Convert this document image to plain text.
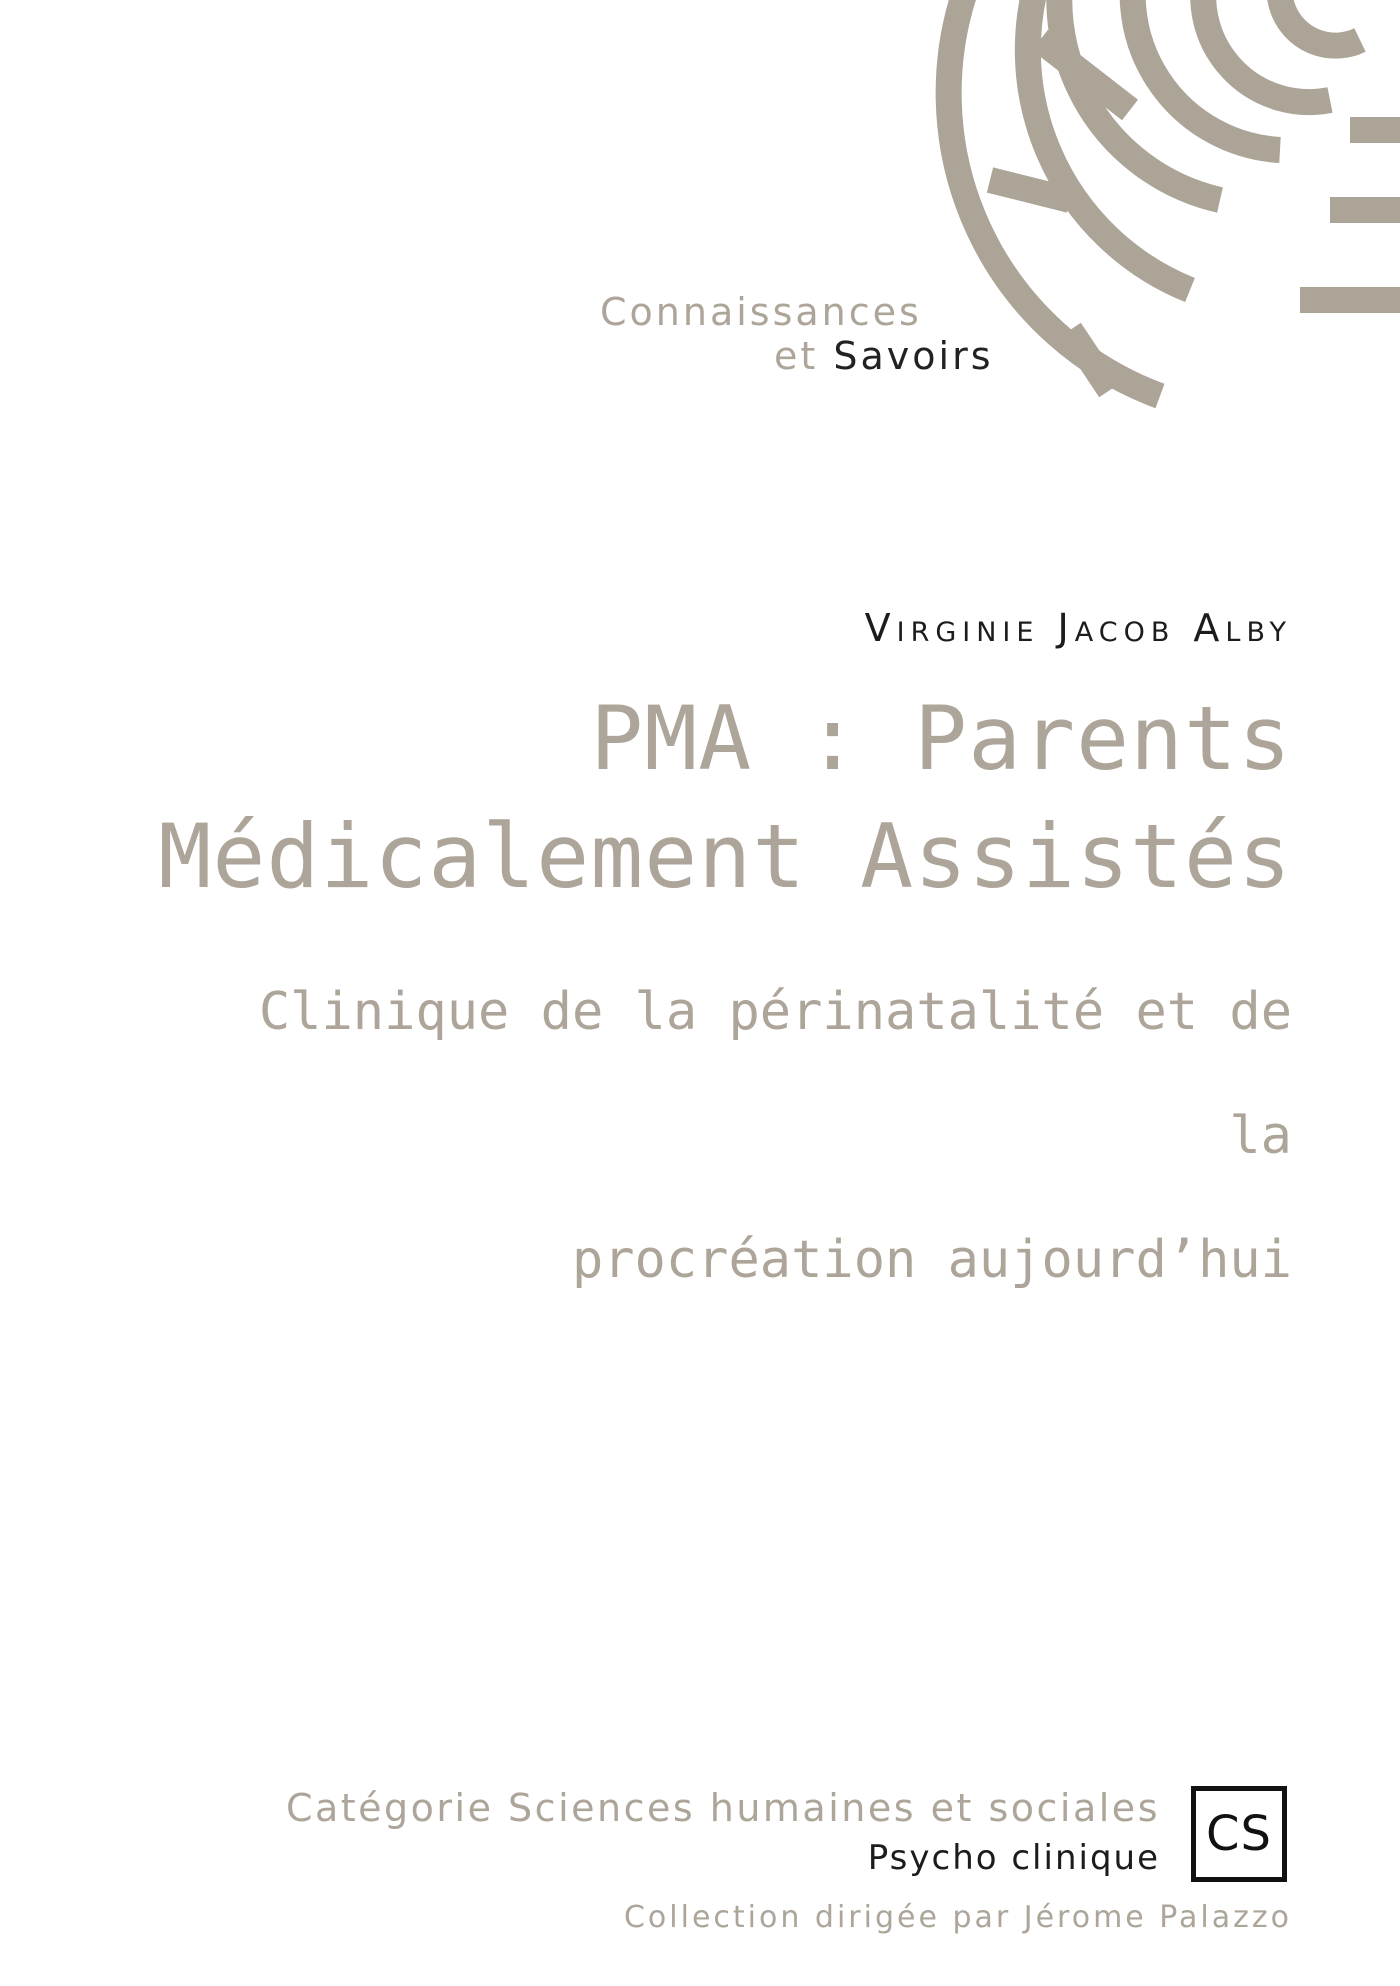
Connaissances
et Savoirs
Virginie Jacob Alby
PMA : Parents
Médicalement Assistés
Clinique de la périnatalité et de la
procréation aujourd’hui
Catégorie Sciences humaines et sociales
Psycho clinique CS
Collection dirigée par Jérome Palazzo
